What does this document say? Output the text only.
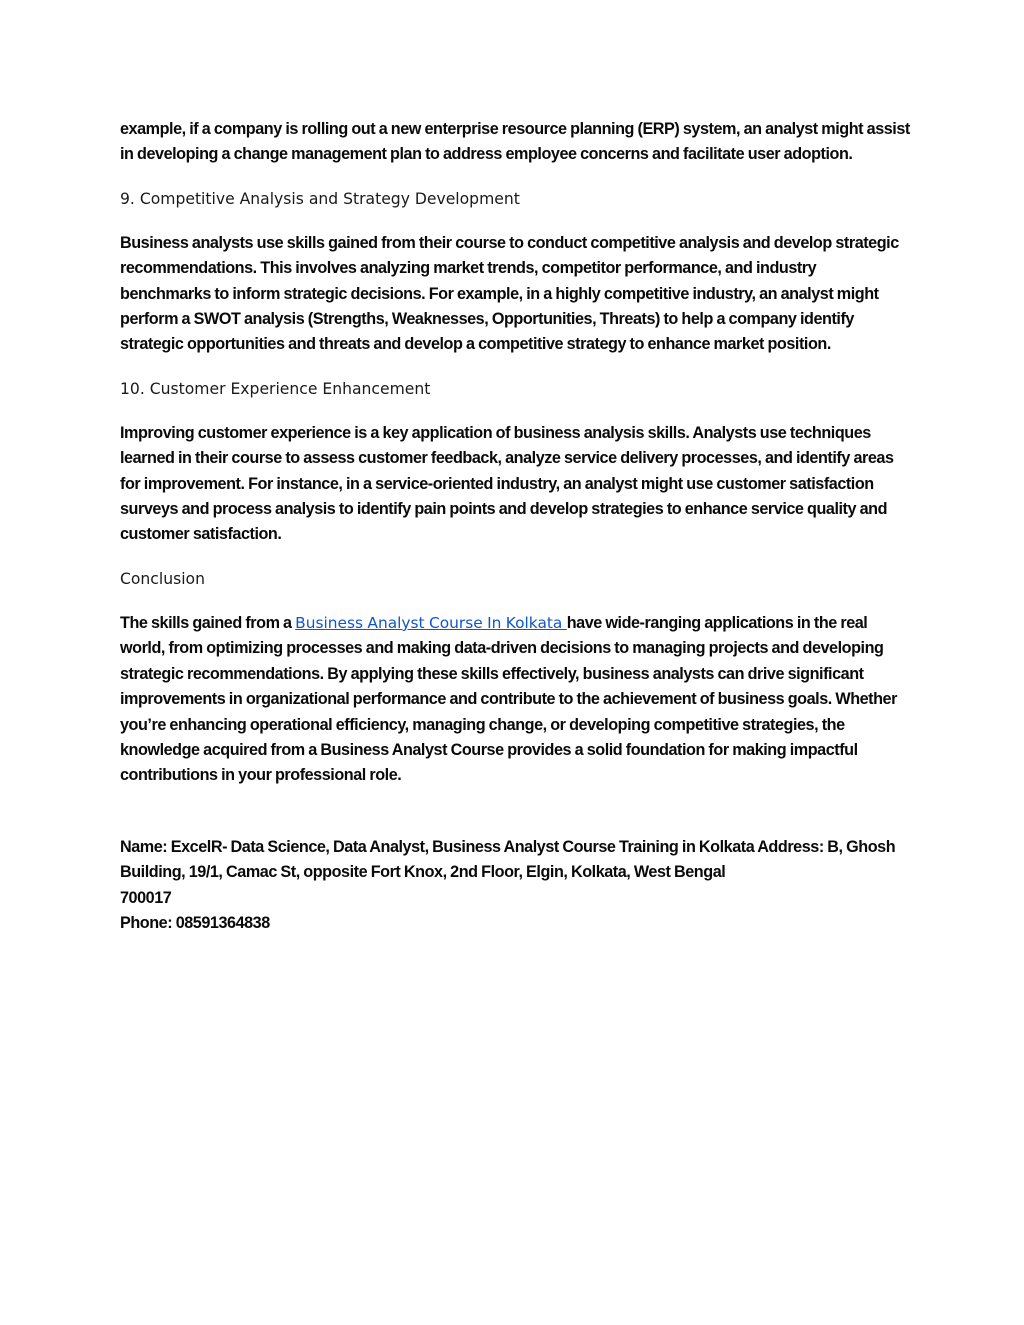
example, if a company is rolling out a new enterprise resource planning (ERP) system, an analyst might assist in developing a change management plan to address employee concerns and facilitate user adoption.

9. Competitive Analysis and Strategy Development

Business analysts use skills gained from their course to conduct competitive analysis and develop strategic recommendations. This involves analyzing market trends, competitor performance, and industry benchmarks to inform strategic decisions. For example, in a highly competitive industry, an analyst might perform a SWOT analysis (Strengths, Weaknesses, Opportunities, Threats) to help a company identify strategic opportunities and threats and develop a competitive strategy to enhance market position.

10. Customer Experience Enhancement

Improving customer experience is a key application of business analysis skills. Analysts use techniques learned in their course to assess customer feedback, analyze service delivery processes, and identify areas for improvement. For instance, in a service-oriented industry, an analyst might use customer satisfaction surveys and process analysis to identify pain points and develop strategies to enhance service quality and customer satisfaction.

Conclusion

The skills gained from a Business Analyst Course In Kolkata have wide-ranging applications in the real world, from optimizing processes and making data-driven decisions to managing projects and developing strategic recommendations. By applying these skills effectively, business analysts can drive significant improvements in organizational performance and contribute to the achievement of business goals. Whether you’re enhancing operational efficiency, managing change, or developing competitive strategies, the knowledge acquired from a Business Analyst Course provides a solid foundation for making impactful contributions in your professional role.

Name: ExcelR- Data Science, Data Analyst, Business Analyst Course Training in Kolkata Address: B, Ghosh Building, 19/1, Camac St, opposite Fort Knox, 2nd Floor, Elgin, Kolkata, West Bengal
700017
Phone: 08591364838
